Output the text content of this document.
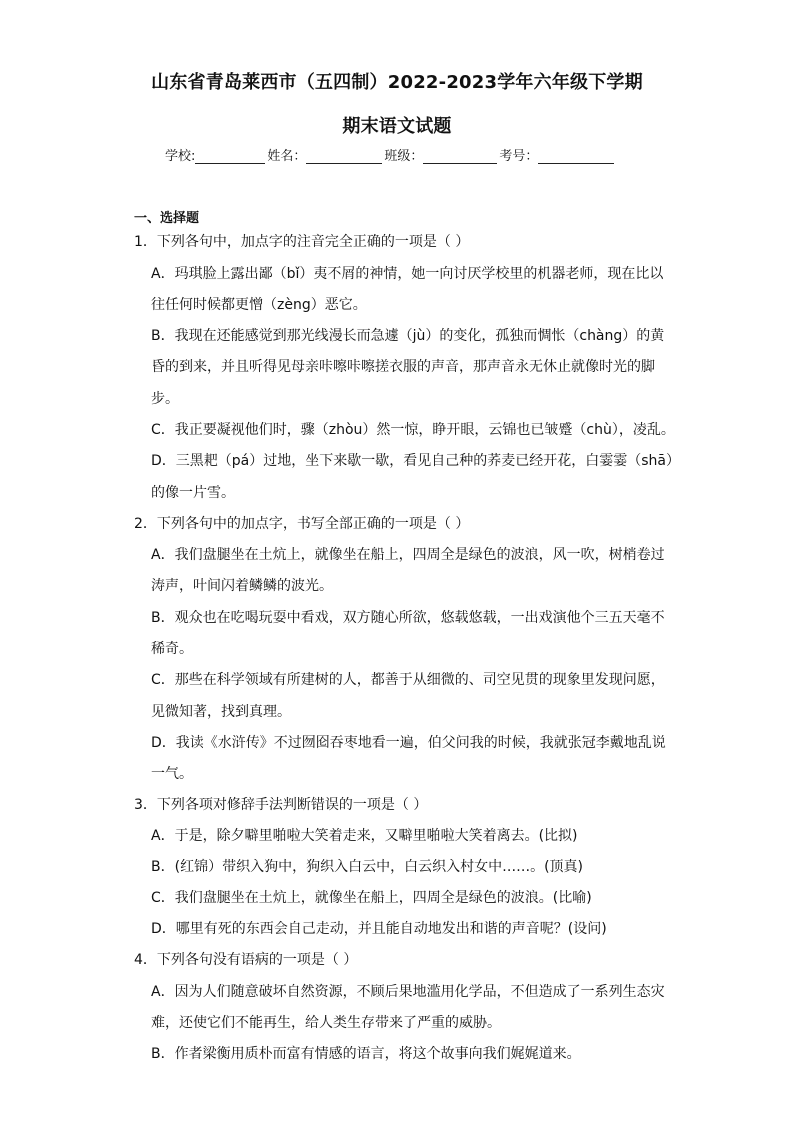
山东省青岛莱西市（五四制）2022-2023学年六年级下学期
期末语文试题
学校:	姓名：	班级：	考号：
一、选择题
1．下列各句中，加点字的注音完全正确的一项是（ ）
A．玛琪脸上露出鄙（bǐ）夷不屑的神情，她一向讨厌学校里的机器老师，现在比以
往任何时候都更憎（zèng）恶它。
B．我现在还能感觉到那光线漫长而急遽（jù）的变化，孤独而惆怅（chàng）的黄
昏的到来，并且听得见母亲咔嚓咔嚓搓衣服的声音，那声音永无休止就像时光的脚
步。
C．我正要凝视他们时，骤（zhòu）然一惊，睁开眼，云锦也已皱蹙（chù），凌乱。
D．三黑耙（pá）过地，坐下来歇一歇，看见自己种的荞麦已经开花，白霎霎（shā）
的像一片雪。
2．下列各句中的加点字，书写全部正确的一项是（ ）
A．我们盘腿坐在土炕上，就像坐在船上，四周全是绿色的波浪，风一吹，树梢卷过
涛声，叶间闪着鳞鳞的波光。
B．观众也在吃喝玩耍中看戏，双方随心所欲，悠载悠载，一出戏演他个三五天毫不
稀奇。
C．那些在科学领域有所建树的人，都善于从细微的、司空见贯的现象里发现问愿，
见微知著，找到真理。
D．我读《水浒传》不过囫囵吞枣地看一遍，伯父问我的时候，我就张冠李戴地乱说
一气。
3．下列各项对修辞手法判断错误的一项是（ ）
A．于是，除夕噼里啪啦大笑着走来，又噼里啪啦大笑着离去。(比拟)
B．(红锦）带织入狗中，狗织入白云中，白云织入村女中……。(顶真)
C．我们盘腿坐在土炕上，就像坐在船上，四周全是绿色的波浪。(比喻)
D．哪里有死的东西会自己走动，并且能自动地发出和谐的声音呢？(设问)
4．下列各句没有语病的一项是（ ）
A．因为人们随意破坏自然资源，不顾后果地滥用化学品，不但造成了一系列生态灾
难，还使它们不能再生，给人类生存带来了严重的威胁。
B．作者梁衡用质朴而富有情感的语言，将这个故事向我们娓娓道来。
